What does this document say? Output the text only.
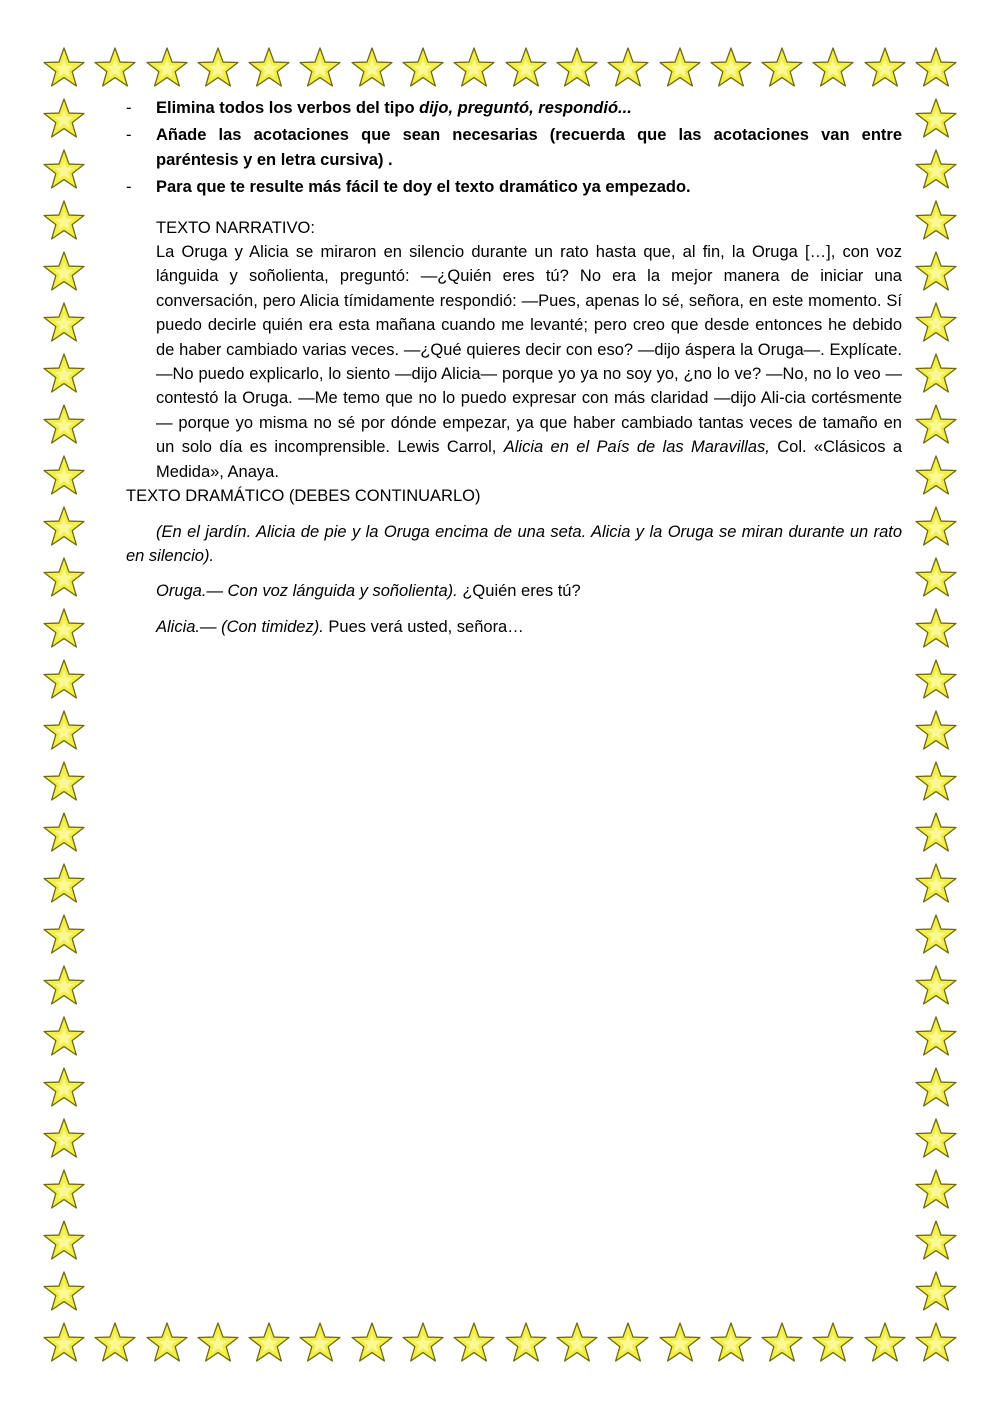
- Elimina todos los verbos del tipo dijo, preguntó, respondió...
- Añade las acotaciones que sean necesarias (recuerda que las acotaciones van entre paréntesis y en letra cursiva) .
- Para que te resulte más fácil te doy el texto dramático ya empezado.

TEXTO NARRATIVO:

La Oruga y Alicia se miraron en silencio durante un rato hasta que, al fin, la Oruga […], con voz lánguida y soñolienta, preguntó: —¿Quién eres tú? No era la mejor manera de iniciar una conversación, pero Alicia tímidamente respondió: —Pues, apenas lo sé, señora, en este momento. Sí puedo decirle quién era esta mañana cuando me levanté; pero creo que desde entonces he debido de haber cambiado varias veces. —¿Qué quieres decir con eso? —dijo áspera la Oruga—. Explícate. —No puedo explicarlo, lo siento —dijo Alicia— porque yo ya no soy yo, ¿no lo ve? —No, no lo veo —contestó la Oruga. —Me temo que no lo puedo expresar con más claridad —dijo Ali-cia cortésmente— porque yo misma no sé por dónde empezar, ya que haber cambiado tantas veces de tamaño en un solo día es incomprensible. Lewis Carrol, Alicia en el País de las Maravillas, Col. «Clásicos a Medida», Anaya.

TEXTO DRAMÁTICO (DEBES CONTINUARLO)

(En el jardín. Alicia de pie y la Oruga encima de una seta. Alicia y la Oruga se miran durante un rato en silencio).

Oruga.— Con voz lánguida y soñolienta). ¿Quién eres tú?

Alicia.— (Con timidez). Pues verá usted, señora…
